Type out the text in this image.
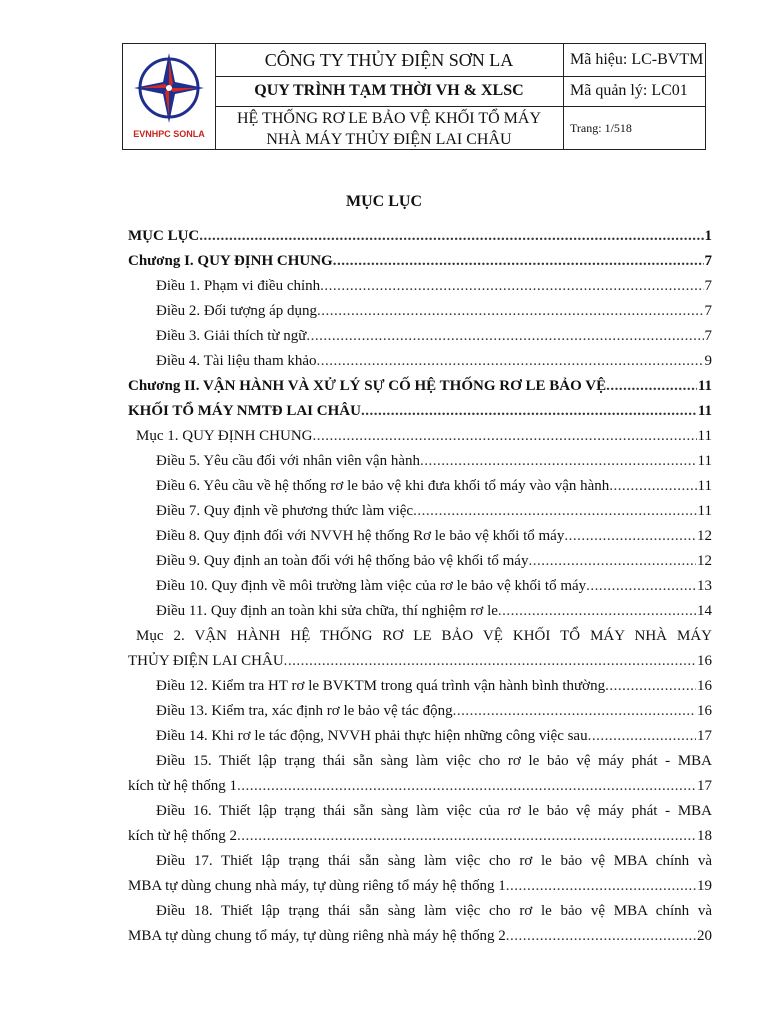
EVNHPC SONLA
CÔNG TY THỦY ĐIỆN SƠN LA
QUY TRÌNH TẠM THỜI VH & XLSC
HỆ THỐNG RƠ LE BẢO VỆ KHỐI TỔ MÁY
NHÀ MÁY THỦY ĐIỆN LAI CHÂU
Mã hiệu: LC-BVTM
Mã quản lý: LC01
Trang: 1/518
MỤC LỤC
MỤC LỤC .....	1
Chương I. QUY ĐỊNH CHUNG .....	7
Điều 1. Phạm vi điều chỉnh .....	7
Điều 2. Đối tượng áp dụng .....	7
Điều 3. Giải thích từ ngữ .....	7
Điều 4. Tài liệu tham khảo .....	9
Chương II. VẬN HÀNH VÀ XỬ LÝ SỰ CỐ HỆ THỐNG RƠ LE BẢO VỆ .....	11
KHỐI TỔ MÁY NMTĐ LAI CHÂU .....	11
Mục 1. QUY ĐỊNH CHUNG .....	11
Điều 5. Yêu cầu đối với nhân viên vận hành .....	11
Điều 6. Yêu cầu về hệ thống rơ le bảo vệ khi đưa khối tổ máy vào vận hành .....	11
Điều 7. Quy định về phương thức làm việc .....	11
Điều 8. Quy định đối với NVVH hệ thống Rơ le bảo vệ khối tổ máy .....	12
Điều 9. Quy định an toàn đối với hệ thống bảo vệ khối tổ máy .....	12
Điều 10. Quy định về môi trường làm việc của rơ le bảo vệ khối tổ máy .....	13
Điều 11. Quy định an toàn khi sửa chữa, thí nghiệm rơ le .....	14
Mục 2. VẬN HÀNH HỆ THỐNG RƠ LE BẢO VỆ KHỐI TỔ MÁY NHÀ MÁY
THỦY ĐIỆN LAI CHÂU .....	16
Điều 12. Kiểm tra HT rơ le BVKTM trong quá trình vận hành bình thường .....	16
Điều 13. Kiểm tra, xác định rơ le bảo vệ tác động .....	16
Điều 14. Khi rơ le tác động, NVVH phải thực hiện những công việc sau .....	17
Điều 15. Thiết lập trạng thái sẵn sàng làm việc cho rơ le bảo vệ máy phát - MBA
kích từ hệ thống 1 .....	17
Điều 16. Thiết lập trạng thái sẵn sàng làm việc của rơ le bảo vệ máy phát - MBA
kích từ hệ thống 2 .....	18
Điều 17. Thiết lập trạng thái sẵn sàng làm việc cho rơ le bảo vệ MBA chính và
MBA tự dùng chung nhà máy, tự dùng riêng tổ máy hệ thống 1 .....	19
Điều 18. Thiết lập trạng thái sẵn sàng làm việc cho rơ le bảo vệ MBA chính và
MBA tự dùng chung tổ máy, tự dùng riêng nhà máy hệ thống 2 .....	20
